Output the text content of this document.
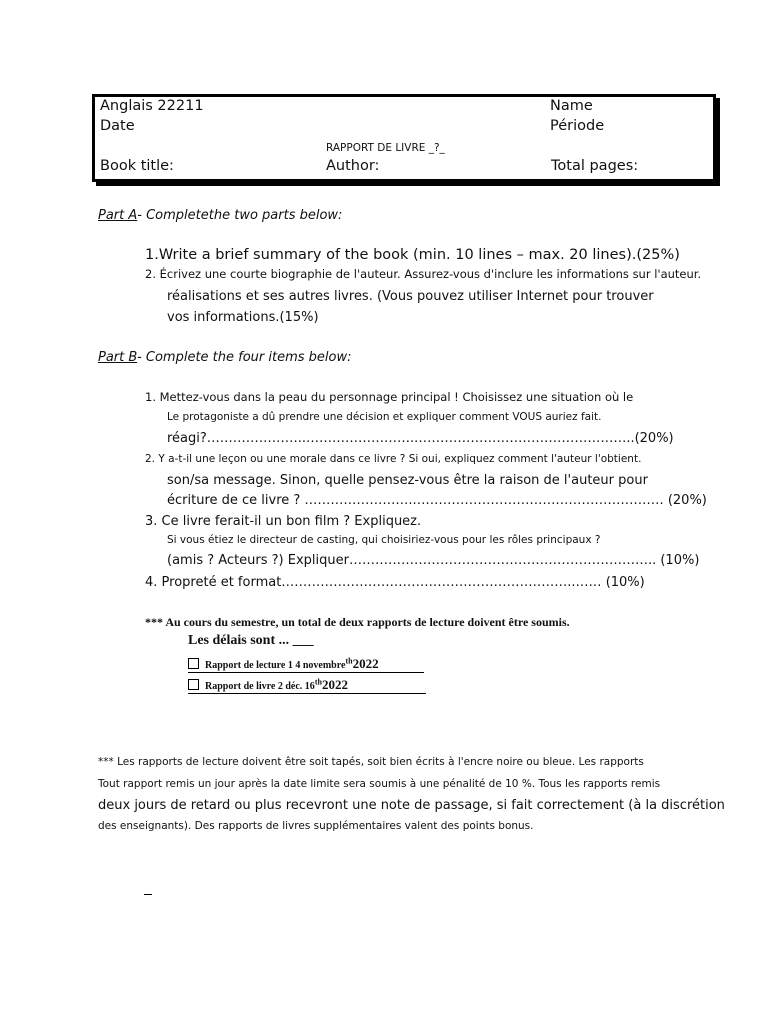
Anglais 22211	Name
Date	Période
RAPPORT DE LIVRE _?_
Book title:	Author:	Total pages:
Part A- Completethe two parts below:
1.Write a brief summary of the book (min. 10 lines – max. 20 lines).(25%)
2. Écrivez une courte biographie de l'auteur. Assurez-vous d'inclure les informations sur l'auteur.
réalisations et ses autres livres. (Vous pouvez utiliser Internet pour trouver
vos informations.(15%)
Part B- Complete the four items below:
1. Mettez-vous dans la peau du personnage principal ! Choisissez une situation où le
Le protagoniste a dû prendre une décision et expliquer comment VOUS auriez fait.
réagi?…………………..……………………..…………………………………………..(20%)
2. Y a-t-il une leçon ou une morale dans ce livre ? Si oui, expliquez comment l'auteur l'obtient.
son/sa message. Sinon, quelle pensez-vous être la raison de l'auteur pour
écriture de ce livre ? ……………………..………………………………………………… (20%)
3. Ce livre ferait-il un bon film ? Expliquez.
Si vous étiez le directeur de casting, qui choisiriez-vous pour les rôles principaux ?
(amis ? Acteurs ?) Expliquer…………………………………………………………….. (10%)
4. Propreté et format…………………………………………………………..…… (10%)
*** Au cours du semestre, un total de deux rapports de lecture doivent être soumis.
Les délais sont ... ___
Rapport de lecture 1 4 novembre$^{th}$2022
Rapport de livre 2 déc. 16th2022
*** Les rapports de lecture doivent être soit tapés, soit bien écrits à l'encre noire ou bleue. Les rapports
Tout rapport remis un jour après la date limite sera soumis à une pénalité de 10 %. Tous les rapports remis
deux jours de retard ou plus recevront une note de passage, si fait correctement (à la discrétion
des enseignants). Des rapports de livres supplémentaires valent des points bonus.
